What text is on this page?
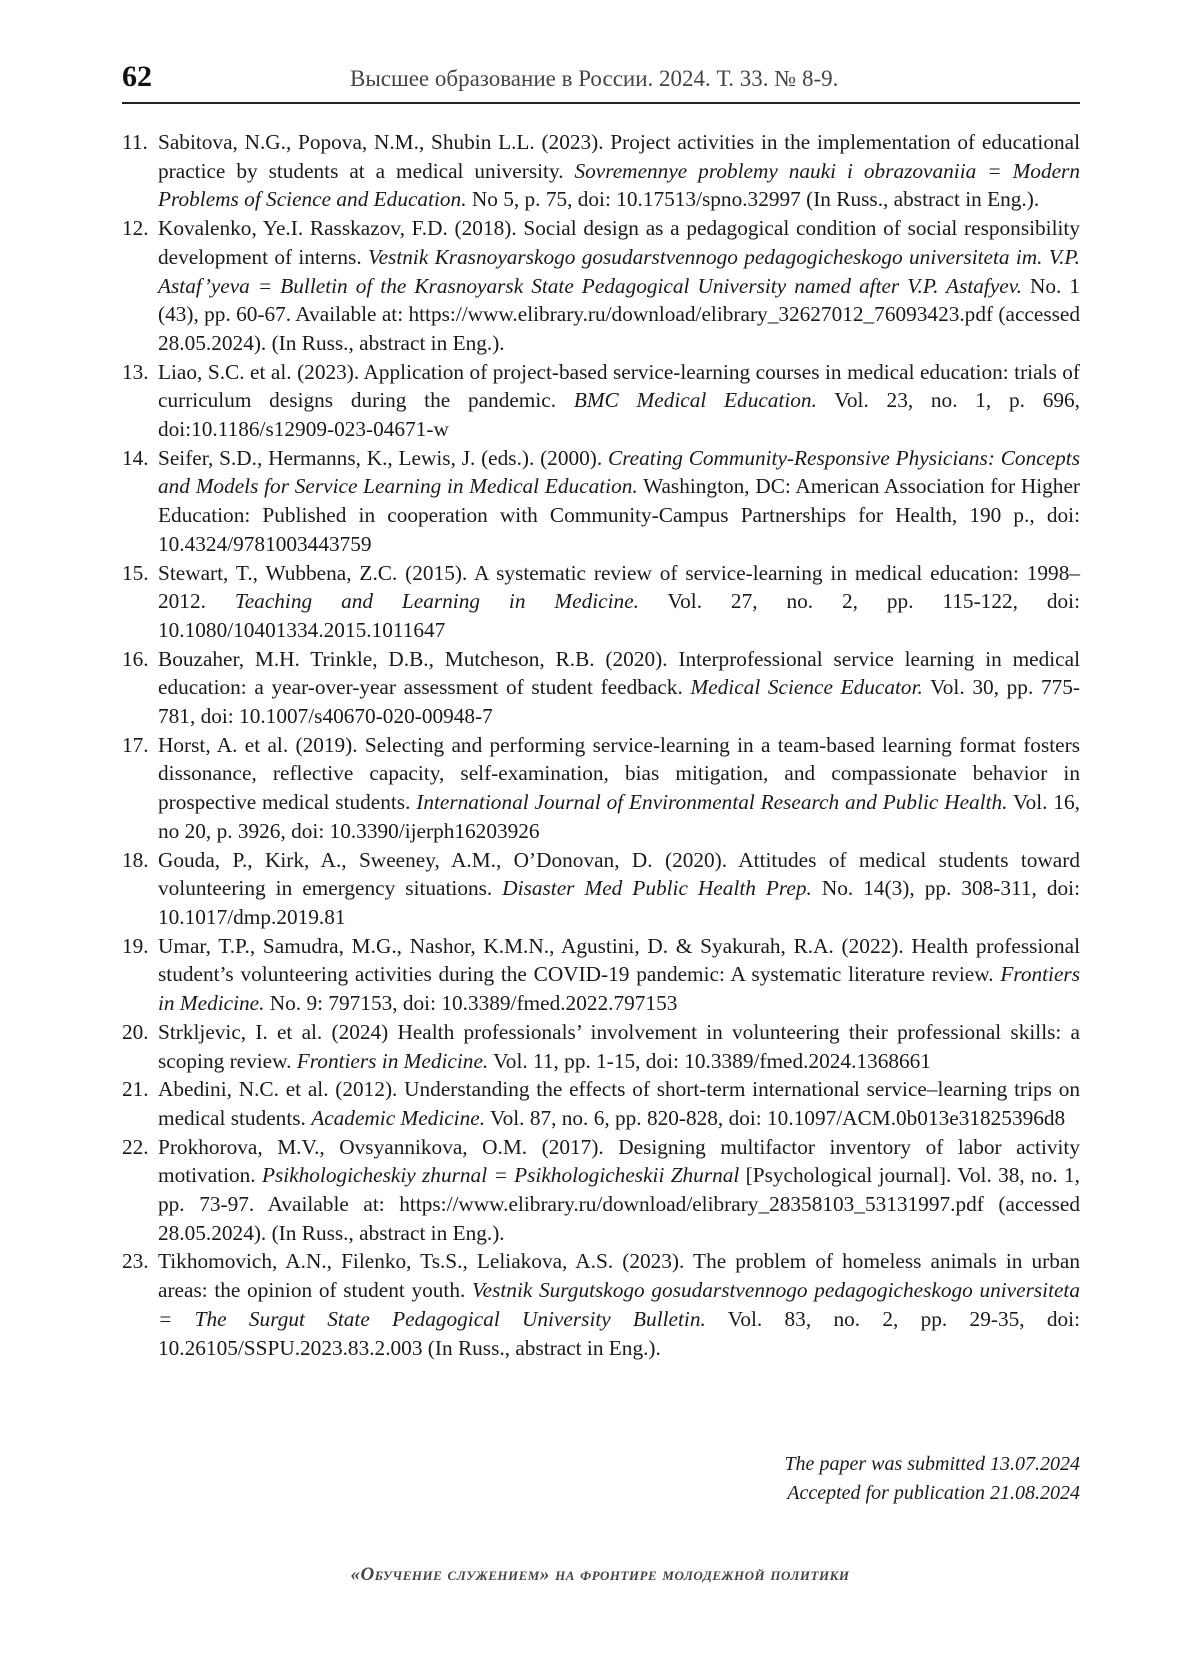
62	Высшее образование в России. 2024. Т. 33. № 8-9.
11. Sabitova, N.G., Popova, N.M., Shubin L.L. (2023). Project activities in the implementation of educational practice by students at a medical university. Sovremennye problemy nauki i obrazovaniia = Modern Problems of Science and Education. No 5, p. 75, doi: 10.17513/spno.32997 (In Russ., abstract in Eng.).
12. Kovalenko, Ye.I. Rasskazov, F.D. (2018). Social design as a pedagogical condition of social responsibility development of interns. Vestnik Krasnoyarskogo gosudarstvennogo pedagogicheskogo universiteta im. V.P. Astaf’yeva = Bulletin of the Krasnoyarsk State Pedagogical University named after V.P. Astafyev. No. 1 (43), pp. 60-67. Available at: https://www.elibrary.ru/download/elibrary_32627012_76093423.pdf (accessed 28.05.2024). (In Russ., abstract in Eng.).
13. Liao, S.C. et al. (2023). Application of project-based service-learning courses in medical education: trials of curriculum designs during the pandemic. BMC Medical Education. Vol. 23, no. 1, p. 696, doi:10.1186/s12909-023-04671-w
14. Seifer, S.D., Hermanns, K., Lewis, J. (eds.). (2000). Creating Community-Responsive Physicians: Concepts and Models for Service Learning in Medical Education. Washington, DC: American Association for Higher Education: Published in cooperation with Community-Campus Partnerships for Health, 190 p., doi: 10.4324/9781003443759
15. Stewart, T., Wubbena, Z.C. (2015). A systematic review of service-learning in medical education: 1998–2012. Teaching and Learning in Medicine. Vol. 27, no. 2, pp. 115-122, doi: 10.1080/10401334.2015.1011647
16. Bouzaher, M.H. Trinkle, D.B., Mutcheson, R.B. (2020). Interprofessional service learning in medical education: a year-over-year assessment of student feedback. Medical Science Educator. Vol. 30, pp. 775-781, doi: 10.1007/s40670-020-00948-7
17. Horst, A. et al. (2019). Selecting and performing service-learning in a team-based learning format fosters dissonance, reflective capacity, self-examination, bias mitigation, and compassionate behavior in prospective medical students. International Journal of Environmental Research and Public Health. Vol. 16, no 20, p. 3926, doi: 10.3390/ijerph16203926
18. Gouda, P., Kirk, A., Sweeney, A.M., O’Donovan, D. (2020). Attitudes of medical students toward volunteering in emergency situations. Disaster Med Public Health Prep. No. 14(3), pp. 308-311, doi: 10.1017/dmp.2019.81
19. Umar, T.P., Samudra, M.G., Nashor, K.M.N., Agustini, D. & Syakurah, R.A. (2022). Health professional student’s volunteering activities during the COVID-19 pandemic: A systematic literature review. Frontiers in Medicine. No. 9: 797153, doi: 10.3389/fmed.2022.797153
20. Strkljevic, I. et al. (2024) Health professionals’ involvement in volunteering their professional skills: a scoping review. Frontiers in Medicine. Vol. 11, pp. 1-15, doi: 10.3389/fmed.2024.1368661
21. Abedini, N.C. et al. (2012). Understanding the effects of short-term international service–learning trips on medical students. Academic Medicine. Vol. 87, no. 6, pp. 820-828, doi: 10.1097/ACM.0b013e31825396d8
22. Prokhorova, M.V., Ovsyannikova, O.M. (2017). Designing multifactor inventory of labor activity motivation. Psikhologicheskiy zhurnal = Psikhologicheskii Zhurnal [Psychological journal]. Vol. 38, no. 1, pp. 73-97. Available at: https://www.elibrary.ru/download/elibrary_28358103_53131997.pdf (accessed 28.05.2024). (In Russ., abstract in Eng.).
23. Tikhomovich, A.N., Filenko, Ts.S., Leliakova, A.S. (2023). The problem of homeless animals in urban areas: the opinion of student youth. Vestnik Surgutskogo gosudarstvennogo pedagogicheskogo universiteta = The Surgut State Pedagogical University Bulletin. Vol. 83, no. 2, pp. 29-35, doi: 10.26105/SSPU.2023.83.2.003 (In Russ., abstract in Eng.).
The paper was submitted 13.07.2024
Accepted for publication 21.08.2024
«Обучение служением» на фронтире молодежной политики
